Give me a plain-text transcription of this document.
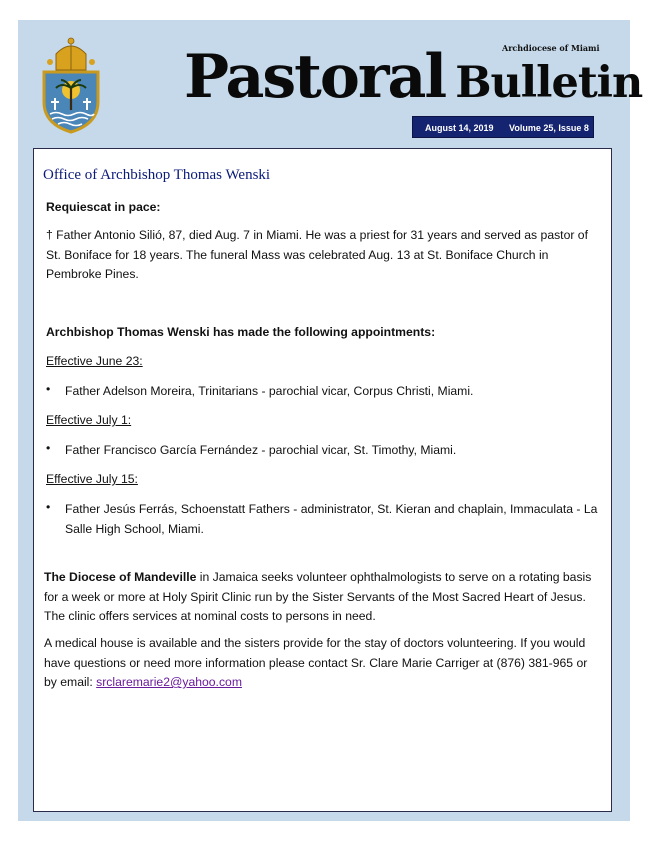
Archdiocese of Miami
Pastoral Bulletin
August 14, 2019 Volume 25, Issue 8
Office of Archbishop Thomas Wenski
Requiescat in pace:
† Father Antonio Silió, 87, died Aug. 7 in Miami. He was a priest for 31 years and served as pastor of St. Boniface for 18 years. The funeral Mass was celebrated Aug. 13 at St. Boniface Church in Pembroke Pines.
Archbishop Thomas Wenski has made the following appointments:
Effective June 23:
• Father Adelson Moreira, Trinitarians - parochial vicar, Corpus Christi, Miami.
Effective July 1:
• Father Francisco García Fernández - parochial vicar, St. Timothy, Miami.
Effective July 15:
• Father Jesús Ferrás, Schoenstatt Fathers - administrator, St. Kieran and chaplain, Immaculata - La Salle High School, Miami.
The Diocese of Mandeville in Jamaica seeks volunteer ophthalmologists to serve on a rotating basis for a week or more at Holy Spirit Clinic run by the Sister Servants of the Most Sacred Heart of Jesus. The clinic offers services at nominal costs to persons in need.
A medical house is available and the sisters provide for the stay of doctors volunteering. If you would have questions or need more information please contact Sr. Clare Marie Carriger at (876) 381-965 or by email: srclaremarie2@yahoo.com
